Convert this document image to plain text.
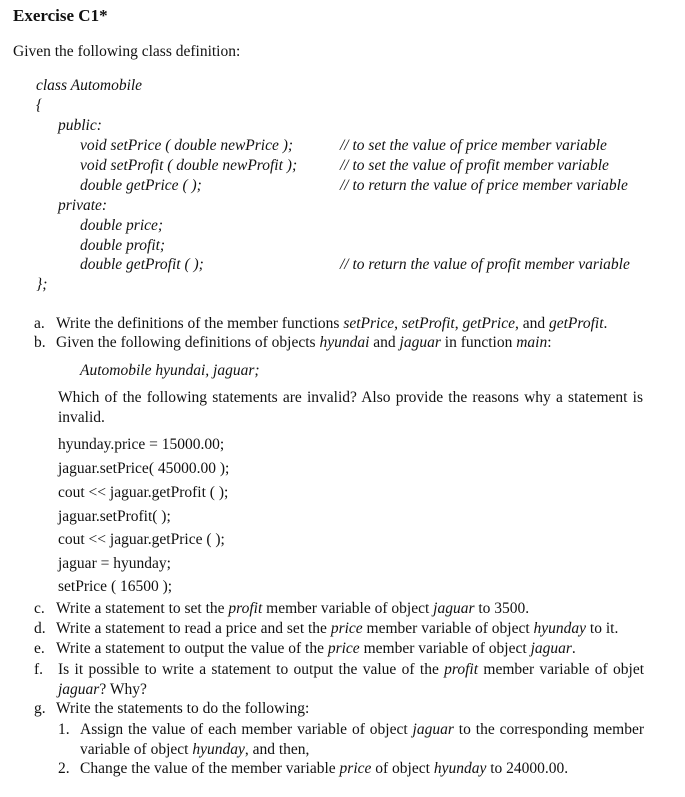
Exercise C1*
Given the following class definition:
class Automobile
{
public:
void setPrice ( double newPrice );	// to set the value of price member variable
void setProfit ( double newProfit );	// to set the value of profit member variable
double getPrice ( );	// to return the value of price member variable
private:
double price;
double profit;
double getProfit ( );	// to return the value of profit member variable
};
a. Write the definitions of the member functions setPrice, setProfit, getPrice, and getProfit.
b. Given the following definitions of objects hyundai and jaguar in function main:
Automobile hyundai, jaguar;
Which of the following statements are invalid? Also provide the reasons why a statement is invalid.
hyunday.price = 15000.00;
jaguar.setPrice( 45000.00 );
cout << jaguar.getProfit ( );
jaguar.setProfit( );
cout << jaguar.getPrice ( );
jaguar = hyunday;
setPrice ( 16500 );
c. Write a statement to set the profit member variable of object jaguar to 3500.
d. Write a statement to read a price and set the price member variable of object hyunday to it.
e. Write a statement to output the value of the price member variable of object jaguar.
f. Is it possible to write a statement to output the value of the profit member variable of objet jaguar? Why?
g. Write the statements to do the following:
1. Assign the value of each member variable of object jaguar to the corresponding member variable of object hyunday, and then,
2. Change the value of the member variable price of object hyunday to 24000.00.
